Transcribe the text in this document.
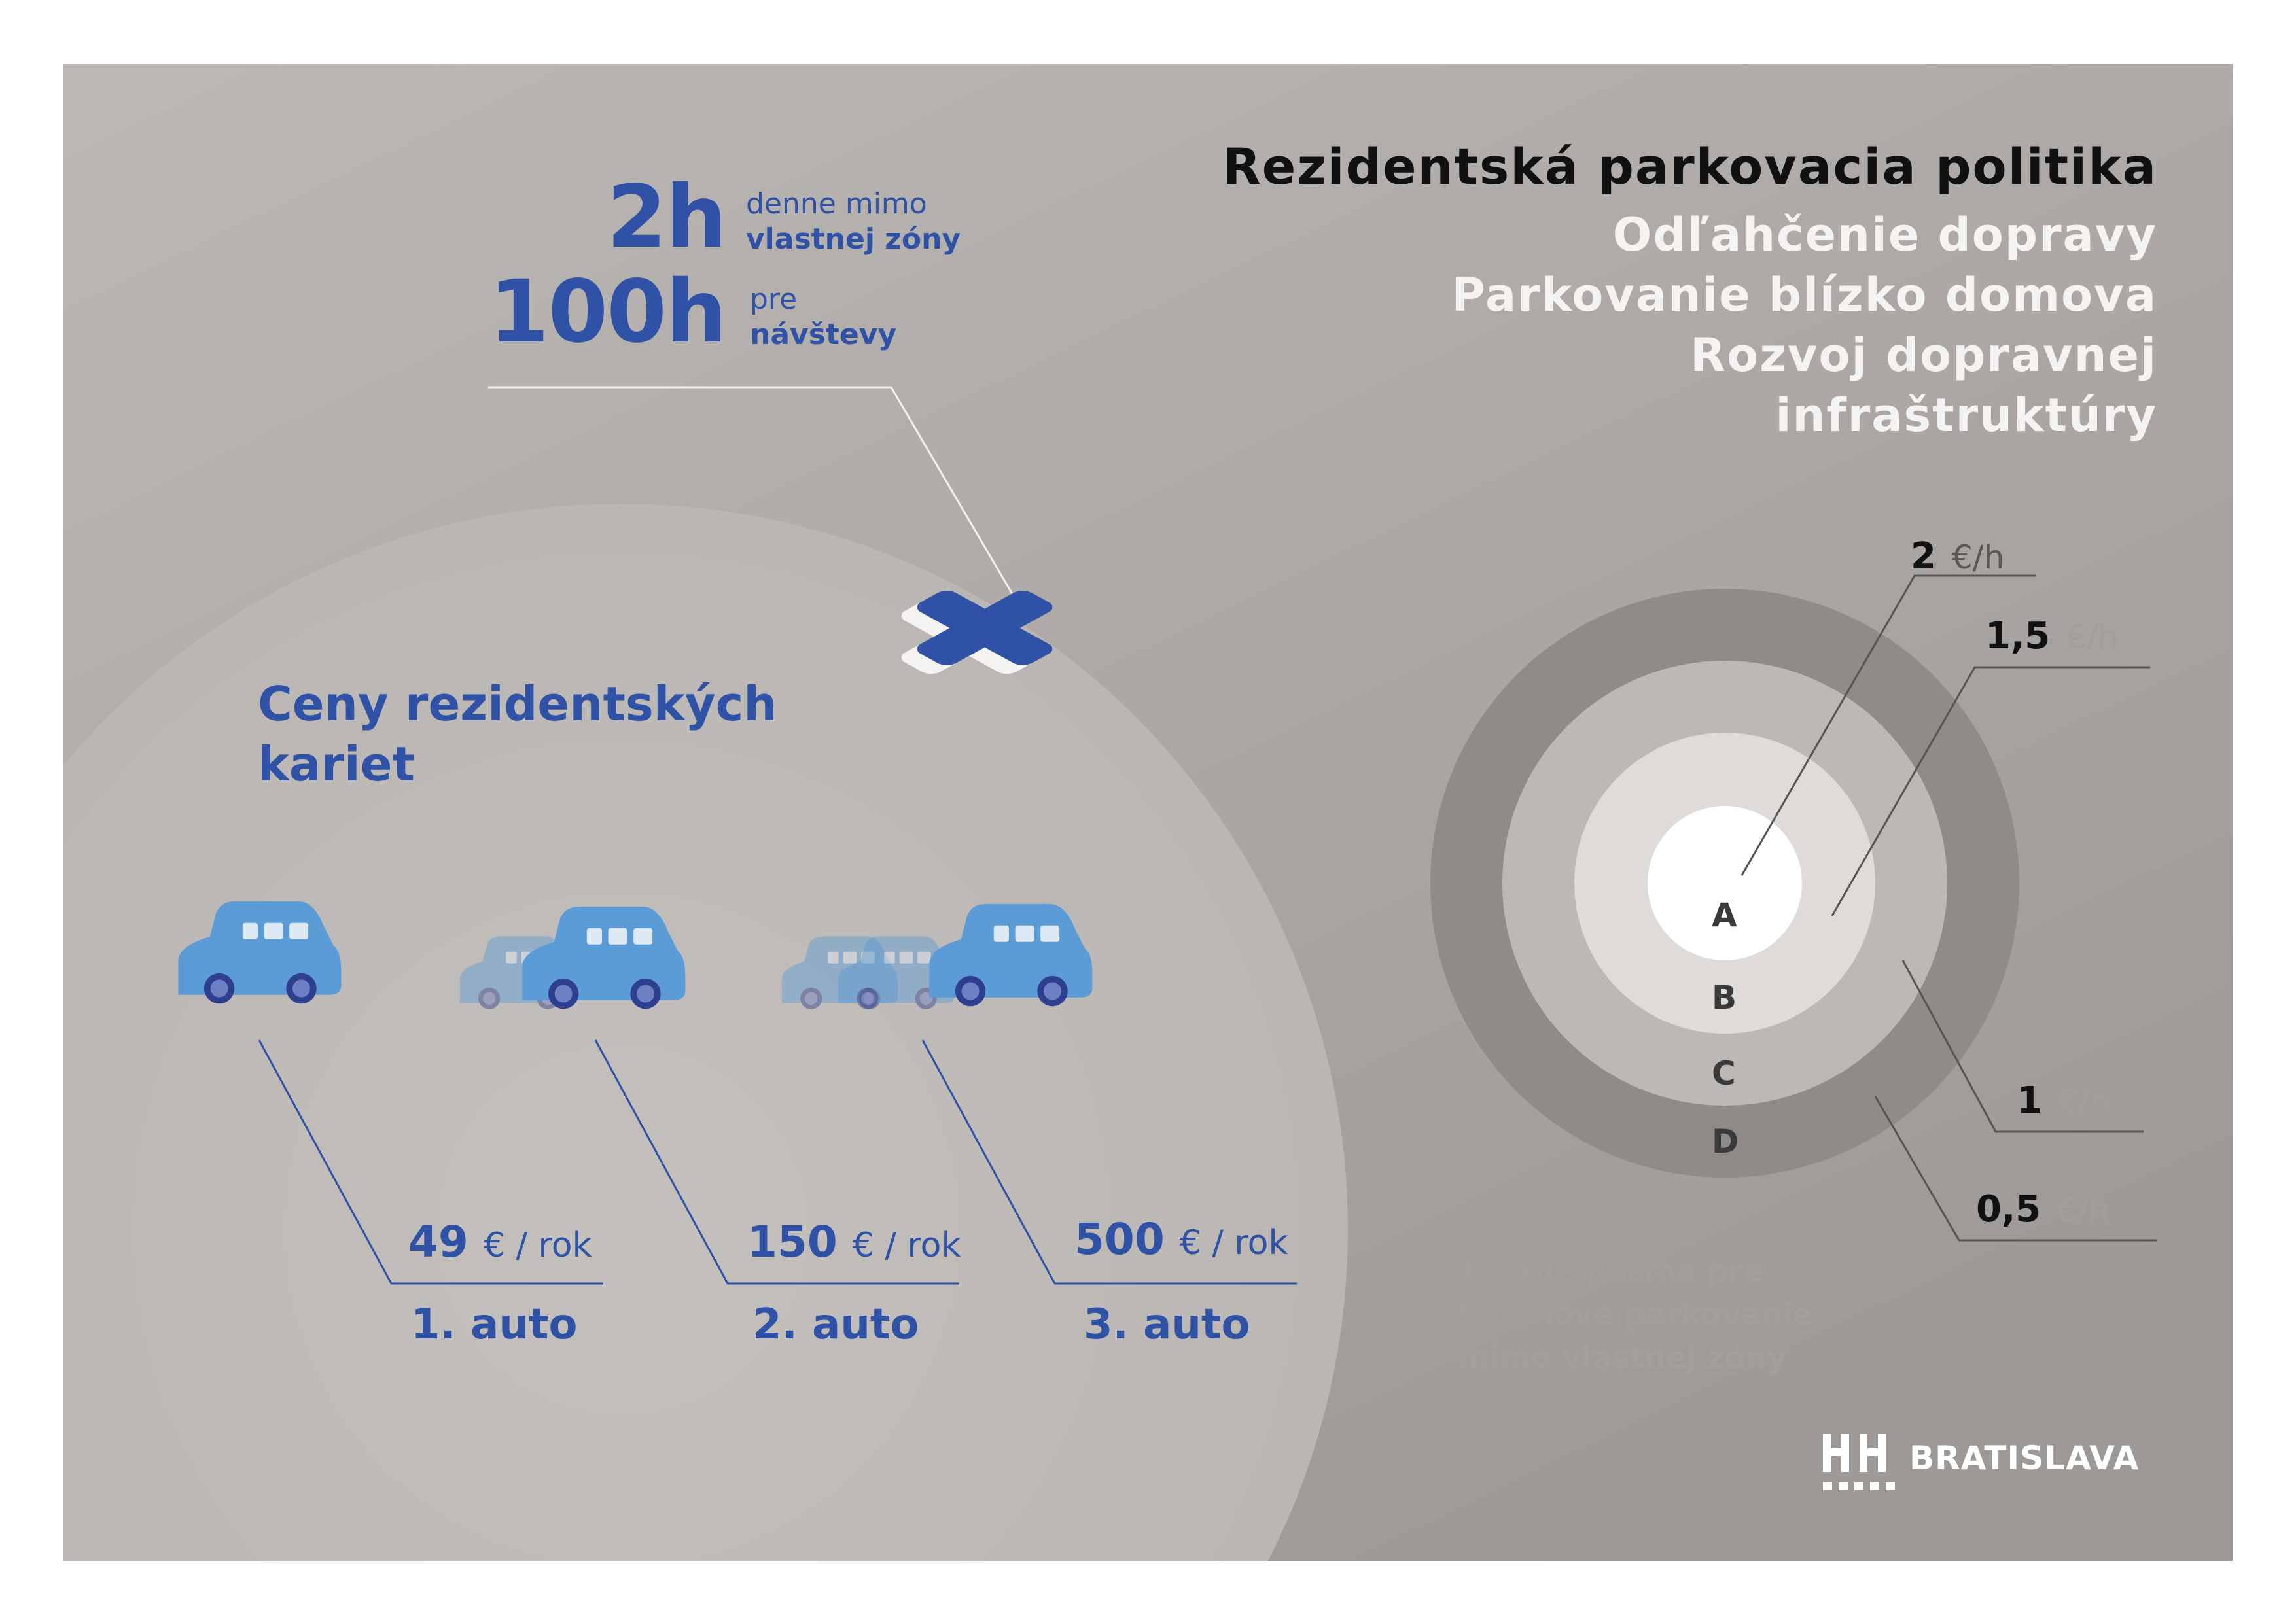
Rezidentská parkovacia politika
Odľahčenie dopravy
Parkovanie blízko domova
Rozvoj dopravnej
infraštruktúry
2h denne mimo
vlastnej zóny
100h pre
návštevy
Ceny rezidentských kariet
49 € / rok	150 € / rok	500 € / rok
1. auto	2. auto	3. auto
A
B
C
D
2 €/h
1,5 €/h
1 €/h
0,5 €/h
Tarifné pásma pre hodinové parkovanie mimo vlastnej zóny
BRATISLAVA
